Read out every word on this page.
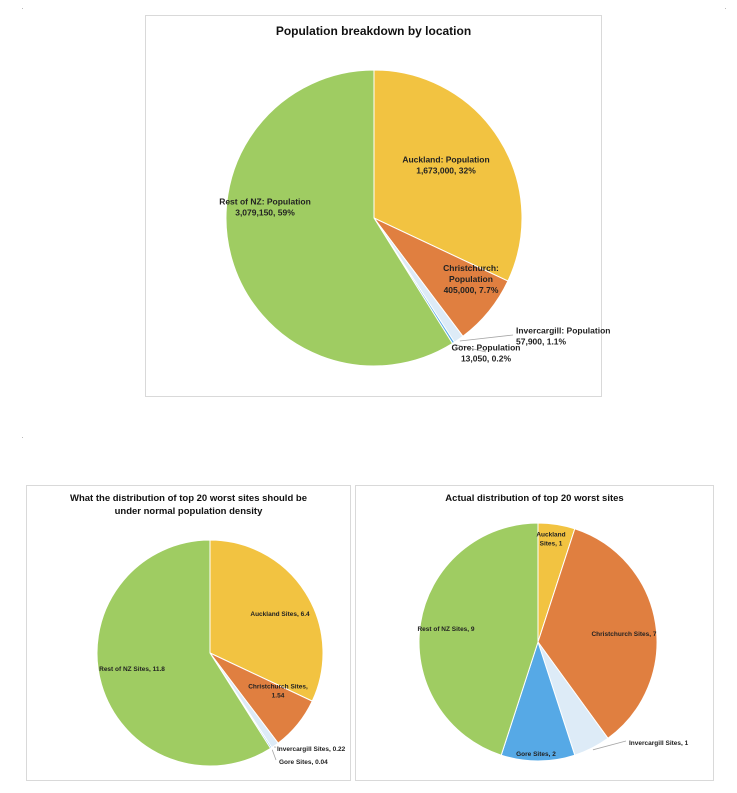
Population breakdown by location
Auckland: Population 1,673,000, 32%
Christchurch: Population 405,000, 7.7%
Invercargill: Population 57,900, 1.1%
Gore: Population 13,050, 0.2%
Rest of NZ: Population 3,079,150, 59%
What the distribution of top 20 worst sites should be under normal population density
Auckland Sites, 6.4
Christchurch Sites, 1.54
Invercargill Sites, 0.22
Gore Sites, 0.04
Rest of NZ Sites, 11.8
Actual distribution of top 20 worst sites
Auckland Sites, 1
Christchurch Sites, 7
Invercargill Sites, 1
Gore Sites, 2
Rest of NZ Sites, 9
